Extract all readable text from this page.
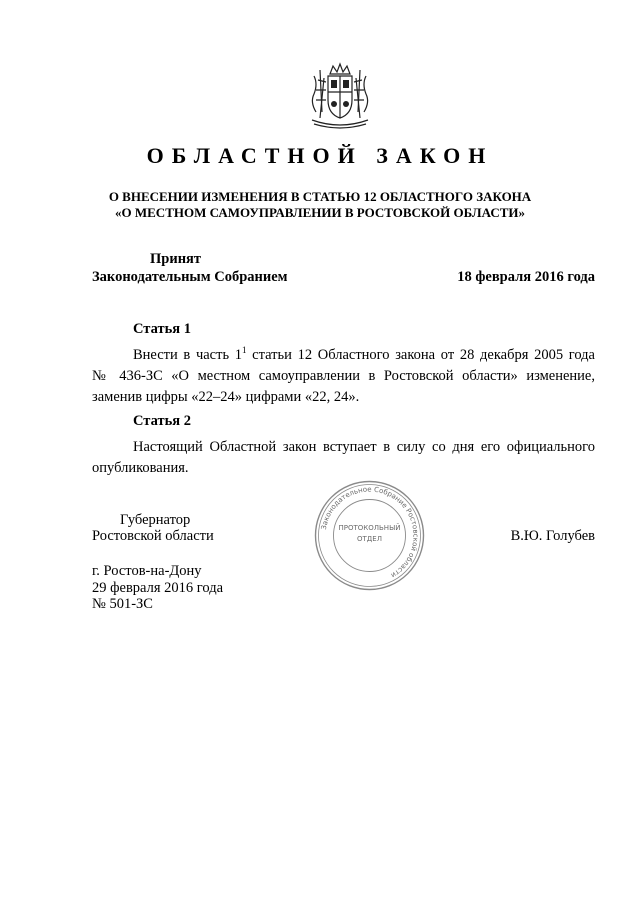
ОБЛАСТНОЙ ЗАКОН
О ВНЕСЕНИИ ИЗМЕНЕНИЯ В СТАТЬЮ 12 ОБЛАСТНОГО ЗАКОНА
«О МЕСТНОМ САМОУПРАВЛЕНИИ В РОСТОВСКОЙ ОБЛАСТИ»
Принят
Законодательным Собранием	18 февраля 2016 года
Статья 1
Внести в часть $1^1$ статьи 12 Областного закона от 28 декабря 2005 года
№ 436-ЗС «О местном самоуправлении в Ростовской области» изменение,
заменив цифры «22–24» цифрами «22, 24».
Статья 2
Настоящий Областной закон вступает в силу со дня его официального
опубликования.
Губернатор
Ростовской области	В.Ю. Голубев
г. Ростов-на-Дону
29 февраля 2016 года
№ 501-ЗС
Законодательное Собрание Ростовской области
ПРОТОКОЛЬНЫЙ
ОТДЕЛ
